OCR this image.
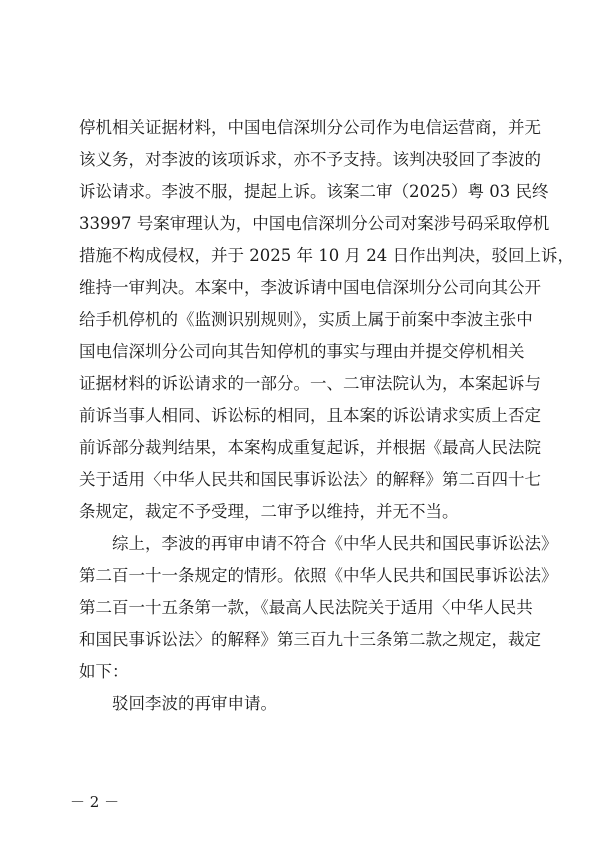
停机相关证据材料，中国电信深圳分公司作为电信运营商，并无
该义务，对李波的该项诉求，亦不予支持。该判决驳回了李波的
诉讼请求。李波不服，提起上诉。该案二审（2025）粤 03 民终
33997 号案审理认为，中国电信深圳分公司对案涉号码采取停机
措施不构成侵权，并于 2025 年 10 月 24 日作出判决，驳回上诉，
维持一审判决。本案中，李波诉请中国电信深圳分公司向其公开
给手机停机的《监测识别规则》，实质上属于前案中李波主张中
国电信深圳分公司向其告知停机的事实与理由并提交停机相关
证据材料的诉讼请求的一部分。一、二审法院认为，本案起诉与
前诉当事人相同、诉讼标的相同，且本案的诉讼请求实质上否定
前诉部分裁判结果，本案构成重复起诉，并根据《最高人民法院
关于适用〈中华人民共和国民事诉讼法〉的解释》第二百四十七
条规定，裁定不予受理，二审予以维持，并无不当。
综上，李波的再审申请不符合《中华人民共和国民事诉讼法》
第二百一十一条规定的情形。依照《中华人民共和国民事诉讼法》
第二百一十五条第一款，《最高人民法院关于适用〈中华人民共
和国民事诉讼法〉的解释》第三百九十三条第二款之规定，裁定
如下：
驳回李波的再审申请。
－ 2 －
